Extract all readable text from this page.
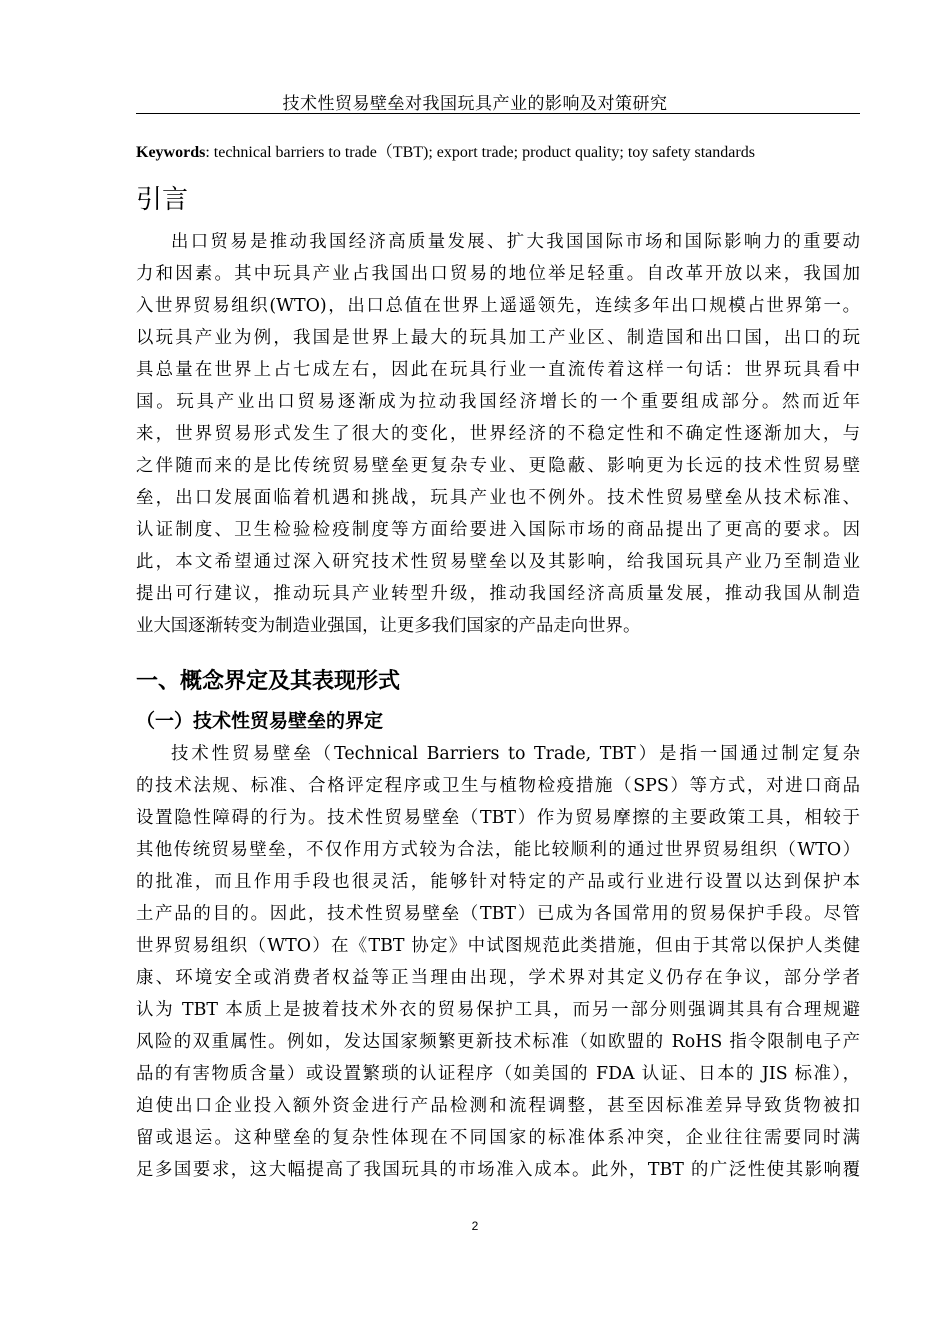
技术性贸易壁垒对我国玩具产业的影响及对策研究
Keywords: technical barriers to trade（TBT); export trade; product quality; toy safety standards
引言
出口贸易是推动我国经济高质量发展、扩大我国国际市场和国际影响力的重要动
力和因素。其中玩具产业占我国出口贸易的地位举足轻重。自改革开放以来，我国加
入世界贸易组织(WTO)，出口总值在世界上遥遥领先，连续多年出口规模占世界第一。
以玩具产业为例，我国是世界上最大的玩具加工产业区、制造国和出口国，出口的玩
具总量在世界上占七成左右，因此在玩具行业一直流传着这样一句话：世界玩具看中
国。玩具产业出口贸易逐渐成为拉动我国经济增长的一个重要组成部分。然而近年
来，世界贸易形式发生了很大的变化，世界经济的不稳定性和不确定性逐渐加大，与
之伴随而来的是比传统贸易壁垒更复杂专业、更隐蔽、影响更为长远的技术性贸易壁
垒，出口发展面临着机遇和挑战，玩具产业也不例外。技术性贸易壁垒从技术标准、
认证制度、卫生检验检疫制度等方面给要进入国际市场的商品提出了更高的要求。因
此，本文希望通过深入研究技术性贸易壁垒以及其影响，给我国玩具产业乃至制造业
提出可行建议，推动玩具产业转型升级，推动我国经济高质量发展，推动我国从制造
业大国逐渐转变为制造业强国，让更多我们国家的产品走向世界。
一、概念界定及其表现形式
（一）技术性贸易壁垒的界定
技术性贸易壁垒（Technical Barriers to Trade, TBT）是指一国通过制定复杂
的技术法规、标准、合格评定程序或卫生与植物检疫措施（SPS）等方式，对进口商品
设置隐性障碍的行为。技术性贸易壁垒（TBT）作为贸易摩擦的主要政策工具，相较于
其他传统贸易壁垒，不仅作用方式较为合法，能比较顺利的通过世界贸易组织（WTO）
的批准，而且作用手段也很灵活，能够针对特定的产品或行业进行设置以达到保护本
土产品的目的。因此，技术性贸易壁垒（TBT）已成为各国常用的贸易保护手段。尽管
世界贸易组织（WTO）在《TBT 协定》中试图规范此类措施，但由于其常以保护人类健
康、环境安全或消费者权益等正当理由出现，学术界对其定义仍存在争议，部分学者
认为 TBT 本质上是披着技术外衣的贸易保护工具，而另一部分则强调其具有合理规避
风险的双重属性。例如，发达国家频繁更新技术标准（如欧盟的 RoHS 指令限制电子产
品的有害物质含量）或设置繁琐的认证程序（如美国的 FDA 认证、日本的 JIS 标准），
迫使出口企业投入额外资金进行产品检测和流程调整，甚至因标准差异导致货物被扣
留或退运。这种壁垒的复杂性体现在不同国家的标准体系冲突，企业往往需要同时满
足多国要求，这大幅提高了我国玩具的市场准入成本。此外，TBT 的广泛性使其影响覆
2
